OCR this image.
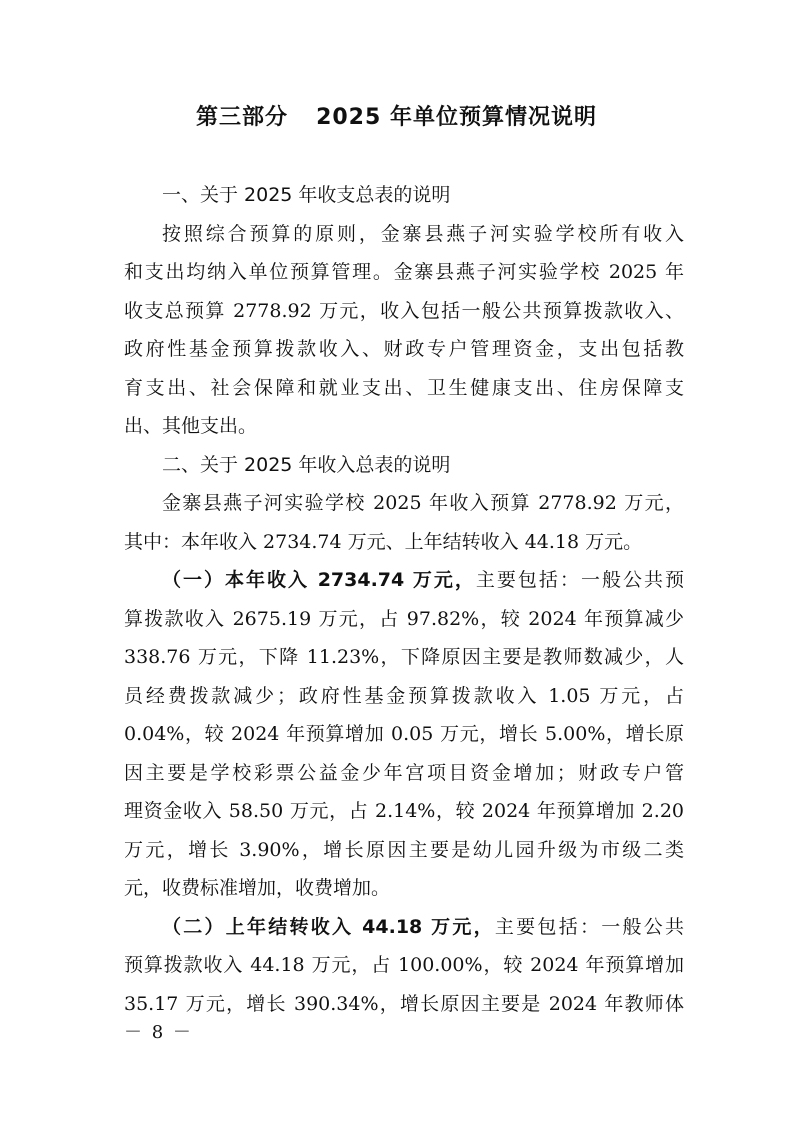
第三部分 2025 年单位预算情况说明
一、关于 2025 年收支总表的说明
按照综合预算的原则，金寨县燕子河实验学校所有收入
和支出均纳入单位预算管理。金寨县燕子河实验学校 2025 年
收支总预算 2778.92 万元，收入包括一般公共预算拨款收入、
政府性基金预算拨款收入、财政专户管理资金，支出包括教
育支出、社会保障和就业支出、卫生健康支出、住房保障支
出、其他支出。
二、关于 2025 年收入总表的说明
金寨县燕子河实验学校 2025 年收入预算 2778.92 万元，
其中：本年收入 2734.74 万元、上年结转收入 44.18 万元。
（一）本年收入 2734.74 万元，主要包括：一般公共预
算拨款收入 2675.19 万元，占 97.82%，较 2024 年预算减少
338.76 万元，下降 11.23%，下降原因主要是教师数减少，人
员经费拨款减少；政府性基金预算拨款收入 1.05 万元，占
0.04%，较 2024 年预算增加 0.05 万元，增长 5.00%，增长原
因主要是学校彩票公益金少年宫项目资金增加；财政专户管
理资金收入 58.50 万元，占 2.14%，较 2024 年预算增加 2.20
万元，增长 3.90%，增长原因主要是幼儿园升级为市级二类
元，收费标准增加，收费增加。
（二）上年结转收入 44.18 万元，主要包括：一般公共
预算拨款收入 44.18 万元，占 100.00%，较 2024 年预算增加
35.17 万元，增长 390.34%，增长原因主要是 2024 年教师体
－ 8 －
